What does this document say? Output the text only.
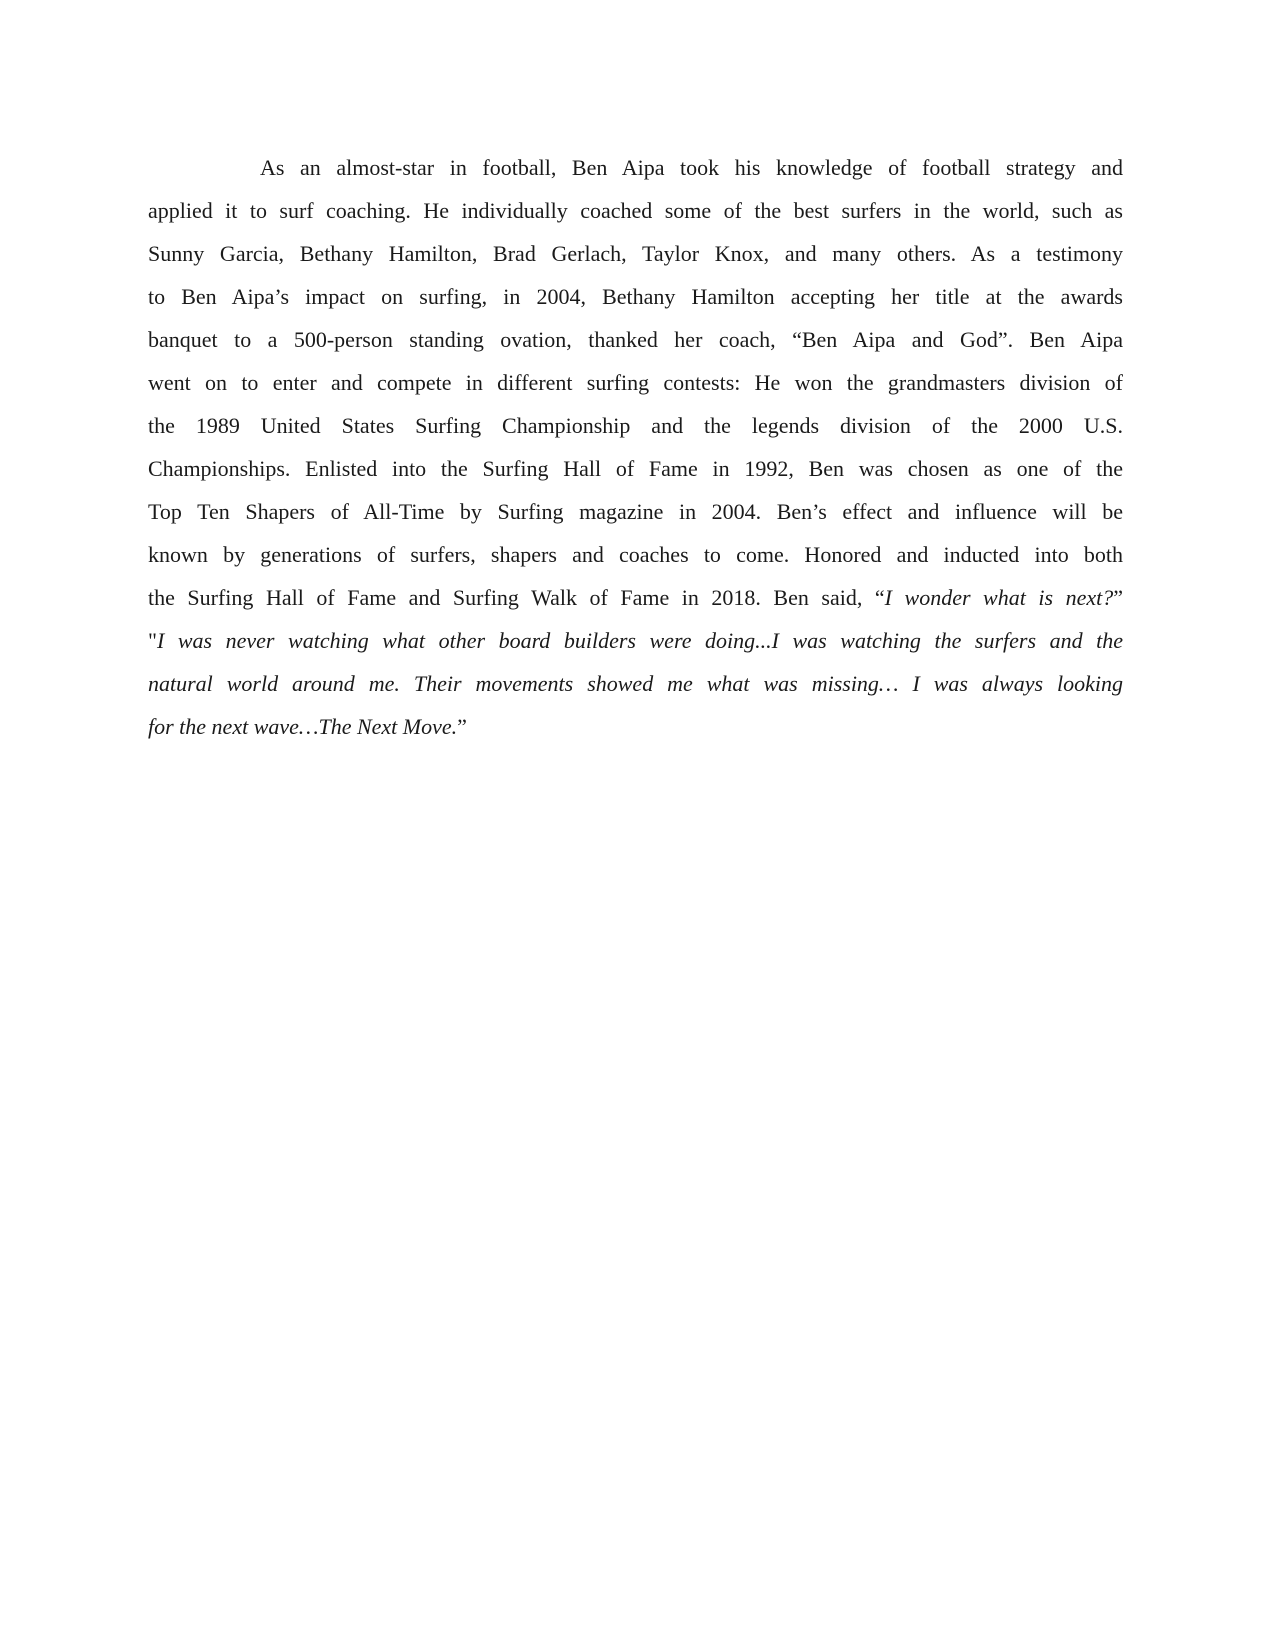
As an almost-star in football, Ben Aipa took his knowledge of football strategy and
applied it to surf coaching. He individually coached some of the best surfers in the world, such as
Sunny Garcia, Bethany Hamilton, Brad Gerlach, Taylor Knox, and many others. As a testimony
to Ben Aipa’s impact on surfing, in 2004, Bethany Hamilton accepting her title at the awards
banquet to a 500-person standing ovation, thanked her coach, “Ben Aipa and God”. Ben Aipa
went on to enter and compete in different surfing contests: He won the grandmasters division of
the 1989 United States Surfing Championship and the legends division of the 2000 U.S.
Championships. Enlisted into the Surfing Hall of Fame in 1992, Ben was chosen as one of the
Top Ten Shapers of All-Time by Surfing magazine in 2004. Ben’s effect and influence will be
known by generations of surfers, shapers and coaches to come. Honored and inducted into both
the Surfing Hall of Fame and Surfing Walk of Fame in 2018. Ben said, “I wonder what is next?”
"I was never watching what other board builders were doing...I was watching the surfers and the
natural world around me. Their movements showed me what was missing… I was always looking
for the next wave…The Next Move.”
